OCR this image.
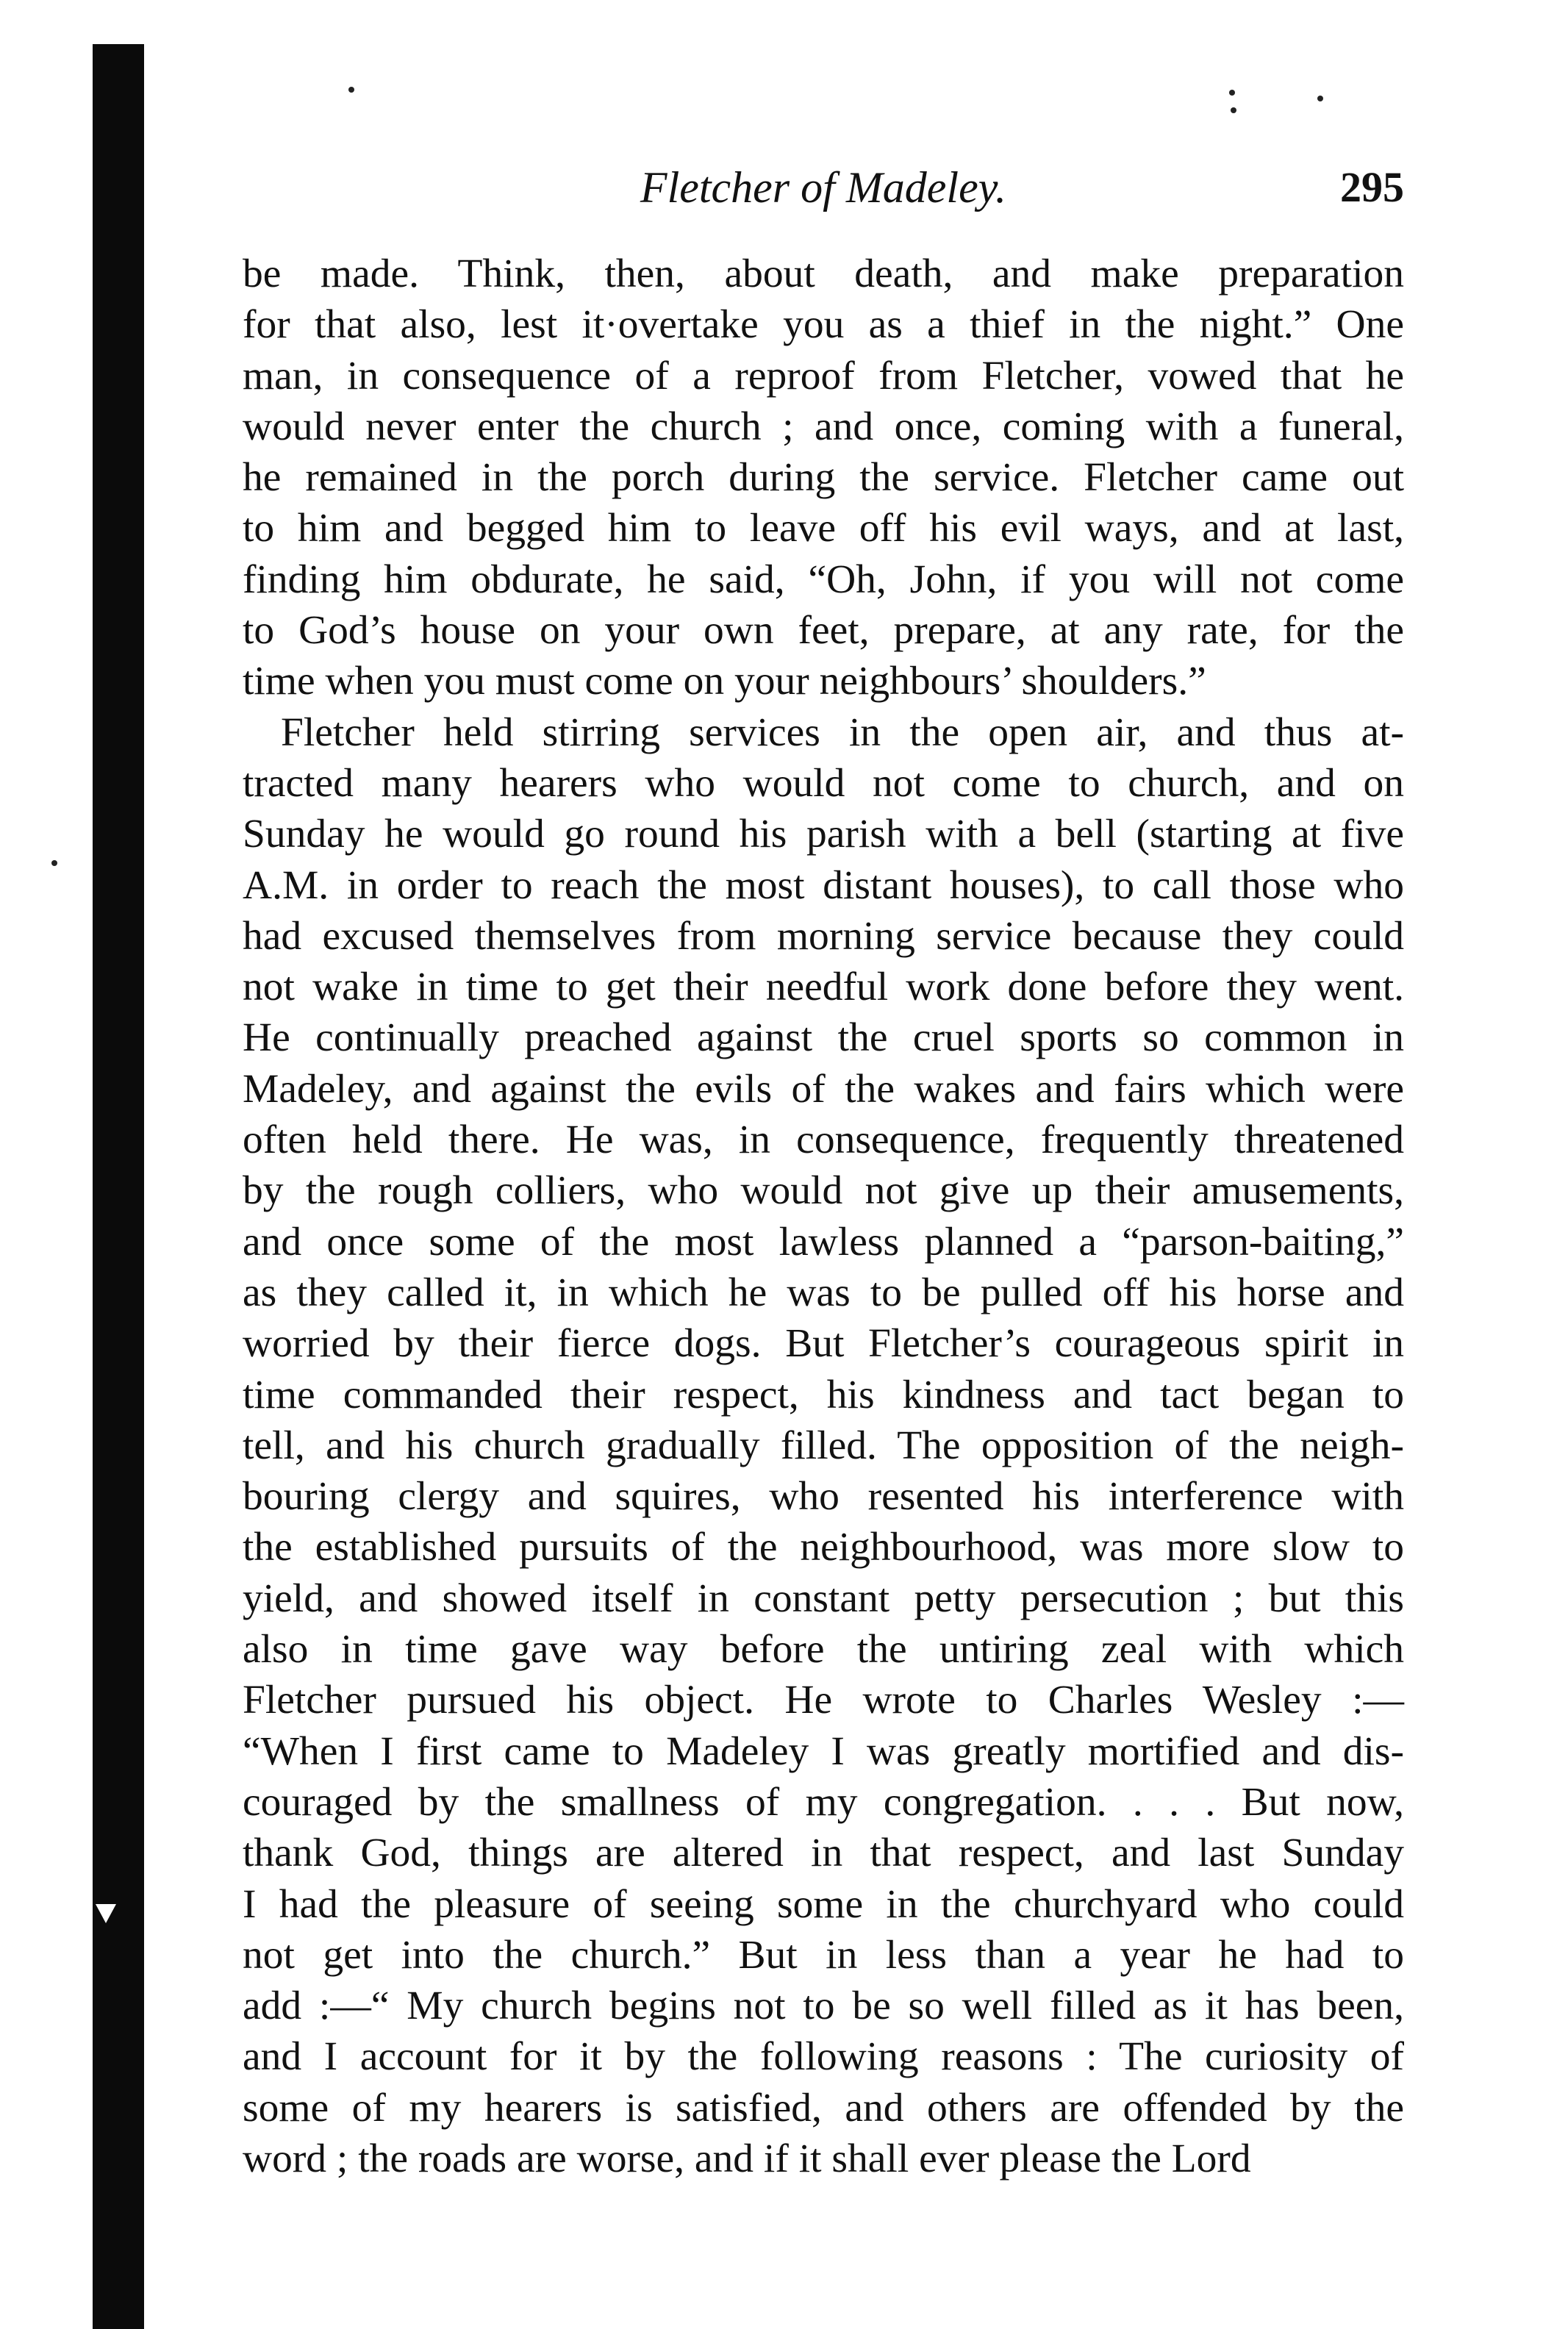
Fletcher of Madeley.	295
be made. Think, then, about death, and make preparation
for that also, lest it·overtake you as a thief in the night.” One
man, in consequence of a reproof from Fletcher, vowed that he
would never enter the church ; and once, coming with a funeral,
he remained in the porch during the service. Fletcher came out
to him and begged him to leave off his evil ways, and at last,
finding him obdurate, he said, “Oh, John, if you will not come
to God’s house on your own feet, prepare, at any rate, for the
time when you must come on your neighbours’ shoulders.”
Fletcher held stirring services in the open air, and thus at-
tracted many hearers who would not come to church, and on
Sunday he would go round his parish with a bell (starting at five
A.M. in order to reach the most distant houses), to call those who
had excused themselves from morning service because they could
not wake in time to get their needful work done before they went.
He continually preached against the cruel sports so common in
Madeley, and against the evils of the wakes and fairs which were
often held there. He was, in consequence, frequently threatened
by the rough colliers, who would not give up their amusements,
and once some of the most lawless planned a “parson-baiting,”
as they called it, in which he was to be pulled off his horse and
worried by their fierce dogs. But Fletcher’s courageous spirit in
time commanded their respect, his kindness and tact began to
tell, and his church gradually filled. The opposition of the neigh-
bouring clergy and squires, who resented his interference with
the established pursuits of the neighbourhood, was more slow to
yield, and showed itself in constant petty persecution ; but this
also in time gave way before the untiring zeal with which
Fletcher pursued his object. He wrote to Charles Wesley :—
“When I first came to Madeley I was greatly mortified and dis-
couraged by the smallness of my congregation. . . . But now,
thank God, things are altered in that respect, and last Sunday
I had the pleasure of seeing some in the churchyard who could
not get into the church.” But in less than a year he had to
add :—“ My church begins not to be so well filled as it has been,
and I account for it by the following reasons : The curiosity of
some of my hearers is satisfied, and others are offended by the
word ; the roads are worse, and if it shall ever please the Lord
